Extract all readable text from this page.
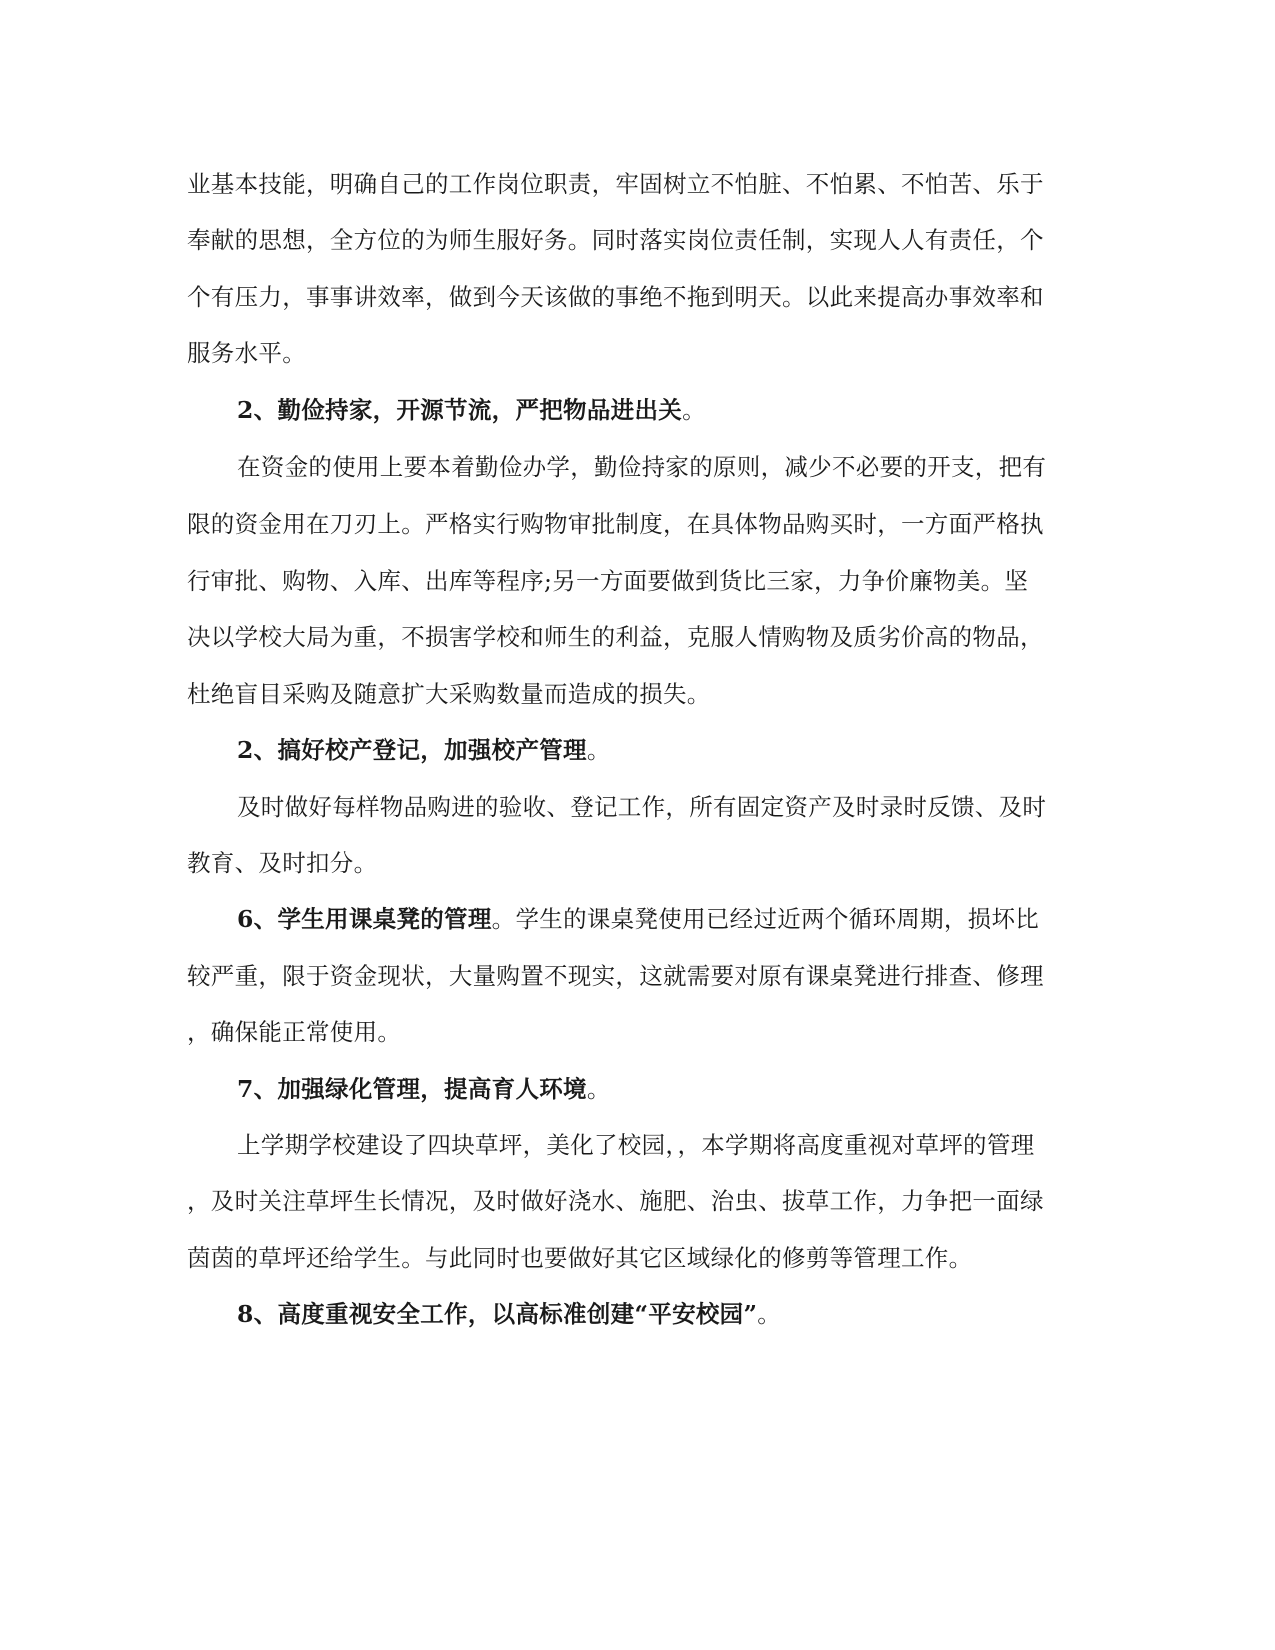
业基本技能，明确自己的工作岗位职责，牢固树立不怕脏、不怕累、不怕苦、乐于
奉献的思想，全方位的为师生服好务。同时落实岗位责任制，实现人人有责任，个
个有压力，事事讲效率，做到今天该做的事绝不拖到明天。以此来提高办事效率和
服务水平。
2、勤俭持家，开源节流，严把物品进出关。
在资金的使用上要本着勤俭办学，勤俭持家的原则，减少不必要的开支，把有
限的资金用在刀刃上。严格实行购物审批制度，在具体物品购买时，一方面严格执
行审批、购物、入库、出库等程序;另一方面要做到货比三家，力争价廉物美。坚
决以学校大局为重，不损害学校和师生的利益，克服人情购物及质劣价高的物品，
杜绝盲目采购及随意扩大采购数量而造成的损失。
2、搞好校产登记，加强校产管理。
及时做好每样物品购进的验收、登记工作，所有固定资产及时录时反馈、及时
教育、及时扣分。
6、学生用课桌凳的管理。学生的课桌凳使用已经过近两个循环周期，损坏比
较严重，限于资金现状，大量购置不现实，这就需要对原有课桌凳进行排查、修理
，确保能正常使用。
7、加强绿化管理，提高育人环境。
上学期学校建设了四块草坪，美化了校园，，本学期将高度重视对草坪的管理
，及时关注草坪生长情况，及时做好浇水、施肥、治虫、拔草工作，力争把一面绿
茵茵的草坪还给学生。与此同时也要做好其它区域绿化的修剪等管理工作。
8、高度重视安全工作，以高标准创建“平安校园”。
